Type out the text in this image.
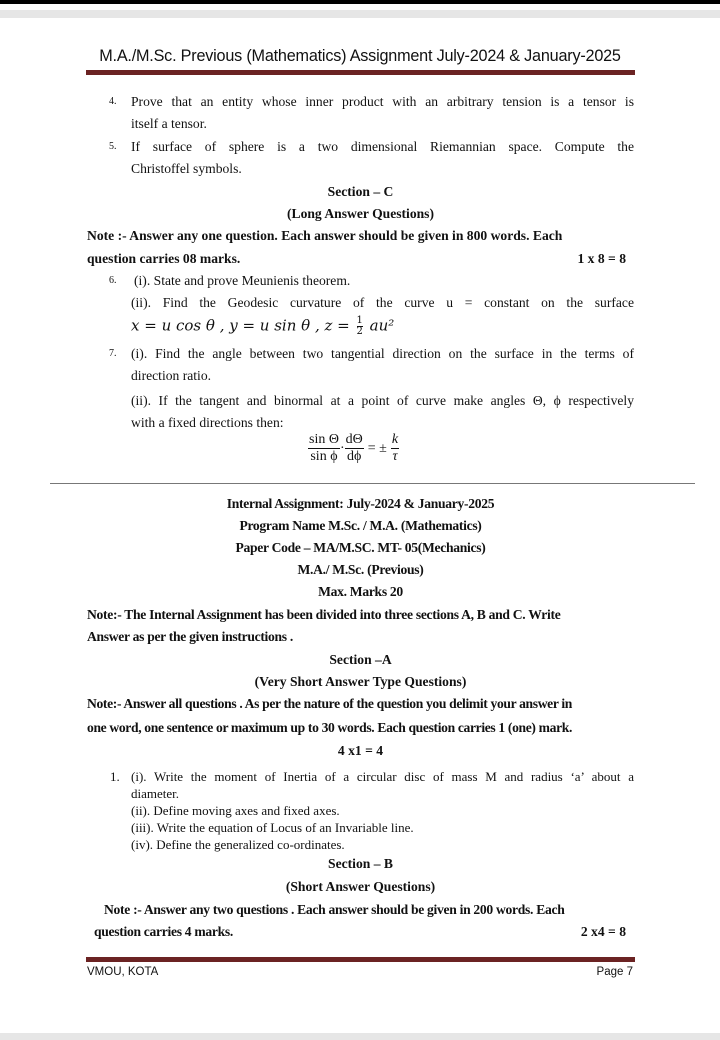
M.A./M.Sc. Previous (Mathematics) Assignment July-2024 & January-2025
4. Prove that an entity whose inner product with an arbitrary tension is a tensor is
itself a tensor.
5. If surface of sphere is a two dimensional Riemannian space. Compute the
Christoffel symbols.
Section – C
(Long Answer Questions)
Note :- Answer any one question. Each answer should be given in 800 words. Each
question carries 08 marks.	1 x 8 = 8
6. (i). State and prove Meunienis theorem.
(ii). Find the Geodesic curvature of the curve u = constant on the surface
x = u cos θ , y = u sin θ , $z = \frac{1}{2} au^2$
7. (i). Find the angle between two tangential direction on the surface in the terms of
direction ratio.
(ii). If the tangent and binormal at a point of curve make angles Θ, ϕ respectively
with a fixed directions then:
$\frac{\text{sin Θ}}{\text{sin ϕ}} \cdot \frac{d\Theta}{d\phi}$ = ± $\frac{k}{\tau}$
Internal Assignment: July-2024 & January-2025
Program Name M.Sc. / M.A. (Mathematics)
Paper Code – MA/M.SC. MT- 05(Mechanics)
M.A./ M.Sc. (Previous)
Max. Marks 20
Note:- The Internal Assignment has been divided into three sections A, B and C. Write
Answer as per the given instructions .
Section –A
(Very Short Answer Type Questions)
Note:- Answer all questions . As per the nature of the question you delimit your answer in
one word, one sentence or maximum up to 30 words. Each question carries 1 (one) mark.
4 x1 = 4
1. (i). Write the moment of Inertia of a circular disc of mass M and radius ‘a’ about a
diameter.
(ii). Define moving axes and fixed axes.
(iii). Write the equation of Locus of an Invariable line.
(iv). Define the generalized co-ordinates.
Section – B
(Short Answer Questions)
Note :- Answer any two questions . Each answer should be given in 200 words. Each
question carries 4 marks.	2 x4 = 8
VMOU, KOTA	Page 7
